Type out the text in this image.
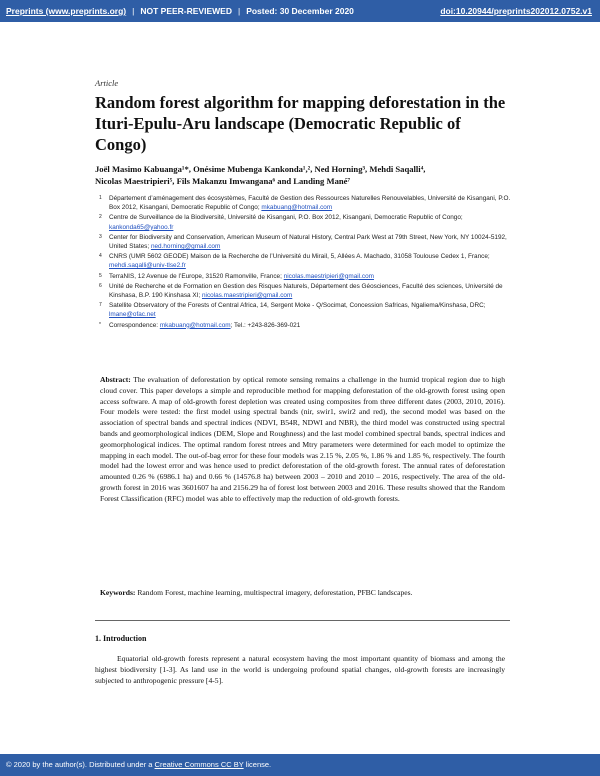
Preprints (www.preprints.org) | NOT PEER-REVIEWED | Posted: 30 December 2020	doi:10.20944/preprints202012.0752.v1
Article
Random forest algorithm for mapping deforestation in the Ituri-Epulu-Aru landscape (Democratic Republic of Congo)
Joël Masimo Kabuanga¹*, Onésime Mubenga Kankonda¹,², Ned Horning³, Mehdi Saqalli⁴,
Nicolas Maestripieri⁵, Fils Makanzu Imwangana⁶ and Landing Mané⁷
1 Département d’aménagement des écosystèmes, Faculté de Gestion des Ressources Naturelles Renouvelables, Université de Kisangani, P.O. Box 2012, Kisangani, Democratic Republic of Congo; mkabuang@hotmail.com
2 Centre de Surveillance de la Biodiversité, Université de Kisangani, P.O. Box 2012, Kisangani, Democratic Republic of Congo; kankonda65@yahoo.fr
3 Center for Biodiversity and Conservation, American Museum of Natural History, Central Park West at 79th Street, New York, NY 10024-5192, United States; ned.horning@gmail.com
4 CNRS (UMR 5602 GEODE) Maison de la Recherche de l’Université du Mirail, 5, Allées A. Machado, 31058 Toulouse Cedex 1, France; mehdi.saqalli@univ-tlse2.fr
5 TerraNIS, 12 Avenue de l’Europe, 31520 Ramonville, France; nicolas.maestripieri@gmail.com
6 Unité de Recherche et de Formation en Gestion des Risques Naturels, Département des Géosciences, Faculté des sciences, Université de Kinshasa, B.P. 190 Kinshasa XI; nicolas.maestripieri@gmail.com
7 Satellite Observatory of the Forests of Central Africa, 14, Sergent Moke - Q/Socimat, Concession Safricas, Ngaliema/Kinshasa, DRC; lmane@ofac.net
* Correspondence: mkabuang@hotmail.com; Tel.: +243-826-369-021
Abstract: The evaluation of deforestation by optical remote sensing remains a challenge in the humid tropical region due to high cloud cover. This paper develops a simple and reproducible method for mapping deforestation of the old-growth forest using open access software. A map of old-growth forest depletion was created using composites from three different dates (2003, 2010, 2016). Four models were tested: the first model using spectral bands (nir, swir1, swir2 and red), the second model was based on the association of spectral bands and spectral indices (NDVI, B54R, NDWI and NBR), the third model was constructed using spectral bands and geomorphological indices (DEM, Slope and Roughness) and the last model combined spectral bands, spectral indices and geomorphological indices. The optimal random forest ntrees and Mtry parameters were determined for each model to optimize the mapping in each model. The out-of-bag error for these four models was 2.15 %, 2.05 %, 1.86 % and 1.85 %, respectively. The fourth model had the lowest error and was hence used to predict deforestation of the old-growth forest. The annual rates of deforestation amounted 0.26 % (6986.1 ha) and 0.66 % (14576.8 ha) between 2003 – 2010 and 2010 – 2016, respectively. The area of the old-growth forest in 2016 was 3601607 ha and 2156.29 ha of forest lost between 2003 and 2016. These results showed that the Random Forest Classification (RFC) model was able to effectively map the reduction of old-growth forests.
Keywords: Random Forest, machine learning, multispectral imagery, deforestation, PFBC landscapes.
1. Introduction
Equatorial old-growth forests represent a natural ecosystem having the most important quantity of biomass and among the highest biodiversity [1-3]. As land use in the world is undergoing profound spatial changes, old-growth forests are increasingly subjected to anthropogenic pressure [4-5].
© 2020 by the author(s). Distributed under a Creative Commons CC BY license.
